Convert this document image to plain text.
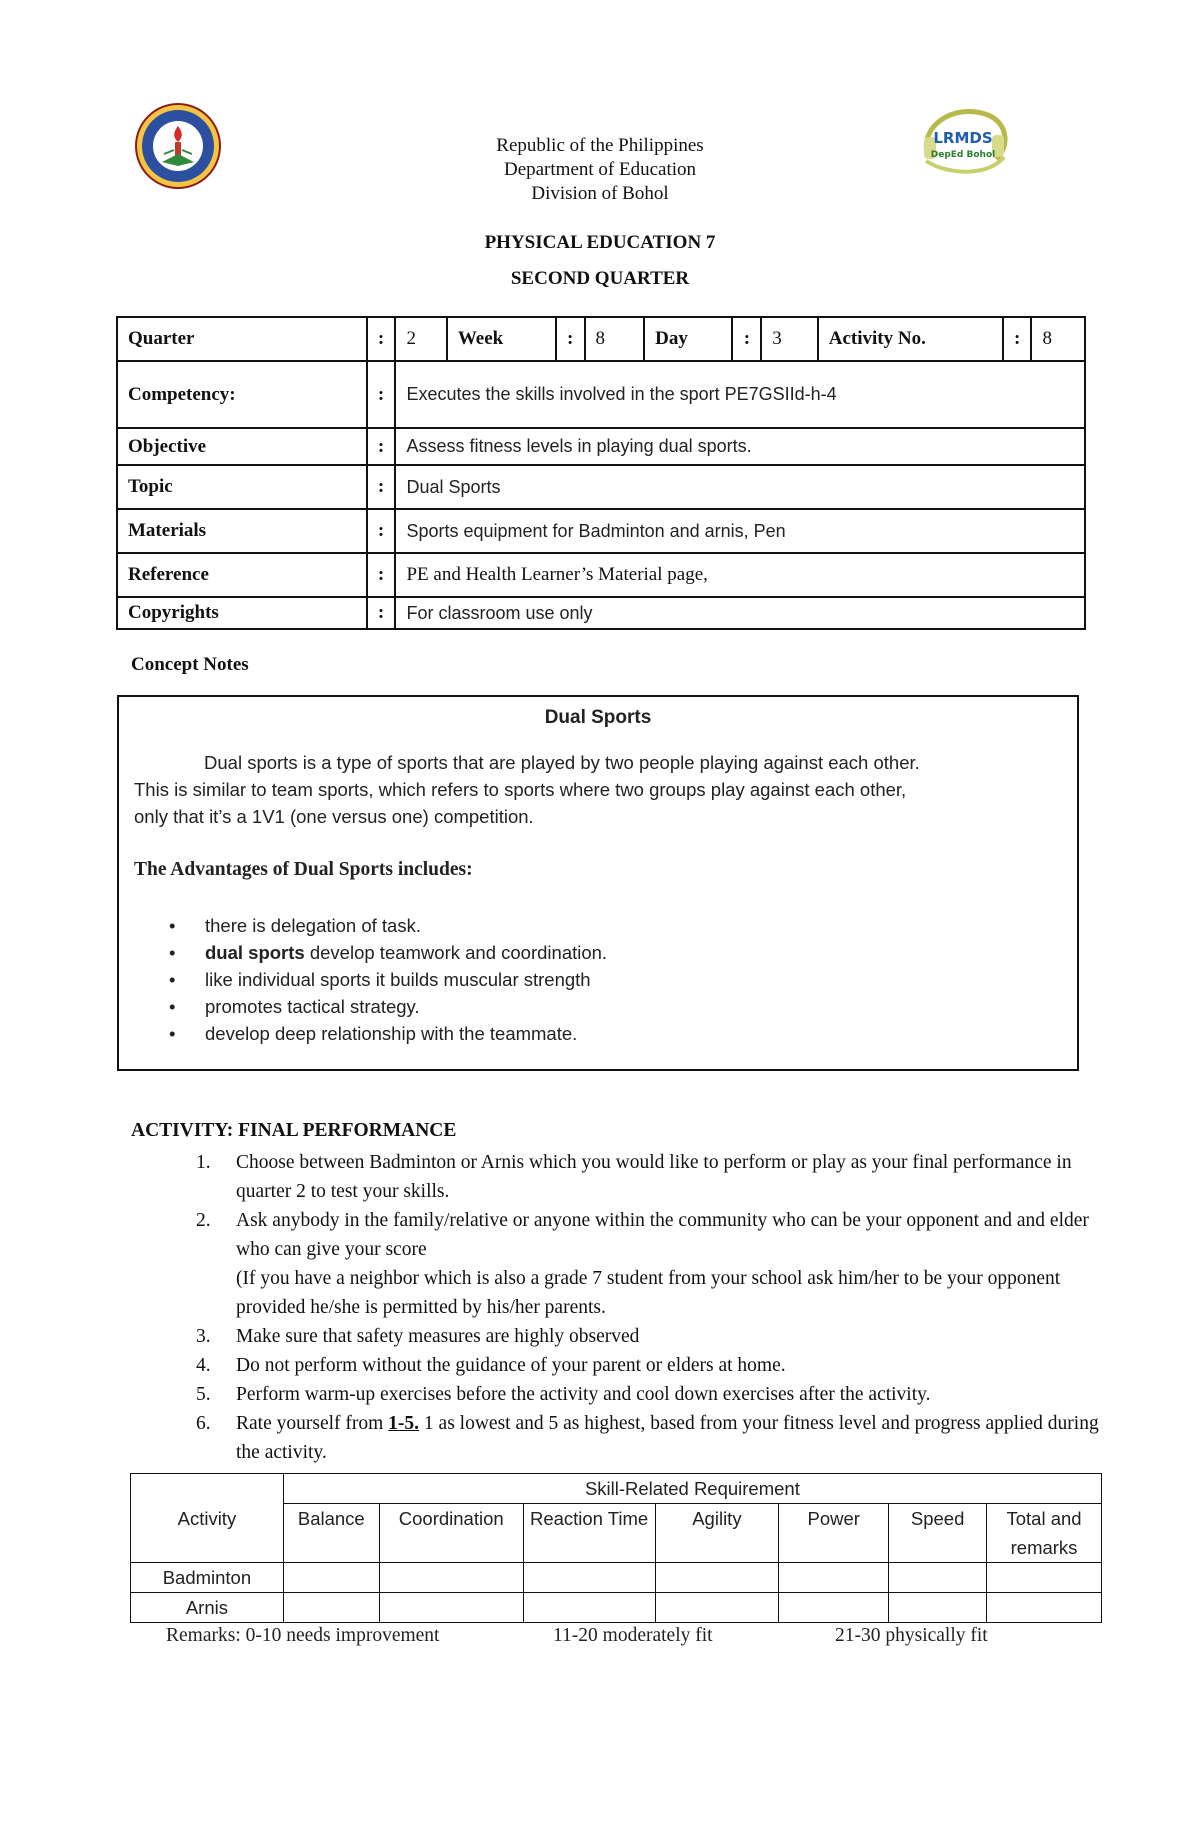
LRMDS
DepEd Bohol
Republic of the Philippines
Department of Education
Division of Bohol
PHYSICAL EDUCATION 7
SECOND QUARTER
Quarter	:	2	Week	:	8	Day	:	3	Activity No.	:	8
Competency:	:	Executes the skills involved in the sport PE7GSIId-h-4									
Objective	:	Assess fitness levels in playing dual sports.									
Topic	:	Dual Sports									
Materials	:	Sports equipment for Badminton and arnis, Pen									
Reference	:	PE and Health Learner’s Material page,									
Copyrights	:	For classroom use only									
Concept Notes
Dual Sports
Dual sports is a type of sports that are played by two people playing against each other.
This is similar to team sports, which refers to sports where two groups play against each other,
only that it’s a 1V1 (one versus one) competition.
The Advantages of Dual Sports includes:
• there is delegation of task.
• dual sports develop teamwork and coordination.
• like individual sports it builds muscular strength
• promotes tactical strategy.
• develop deep relationship with the teammate.
ACTIVITY: FINAL PERFORMANCE
1. Choose between Badminton or Arnis which you would like to perform or play as your final performance in quarter 2 to test your skills.
2. Ask anybody in the family/relative or anyone within the community who can be your opponent and and elder who can give your score
(If you have a neighbor which is also a grade 7 student from your school ask him/her to be your opponent provided he/she is permitted by his/her parents.
3. Make sure that safety measures are highly observed
4. Do not perform without the guidance of your parent or elders at home.
5. Perform warm-up exercises before the activity and cool down exercises after the activity.
6. Rate yourself from 1-5. 1 as lowest and 5 as highest, based from your fitness level and progress applied during the activity.
Activity	Skill-Related Requirement						
	Balance	Coordination	Reaction Time	Agility	Power	Speed	Total and remarks
Badminton							
Arnis							
Remarks: 0-10 needs improvement	11-20 moderately fit	21-30 physically fit
